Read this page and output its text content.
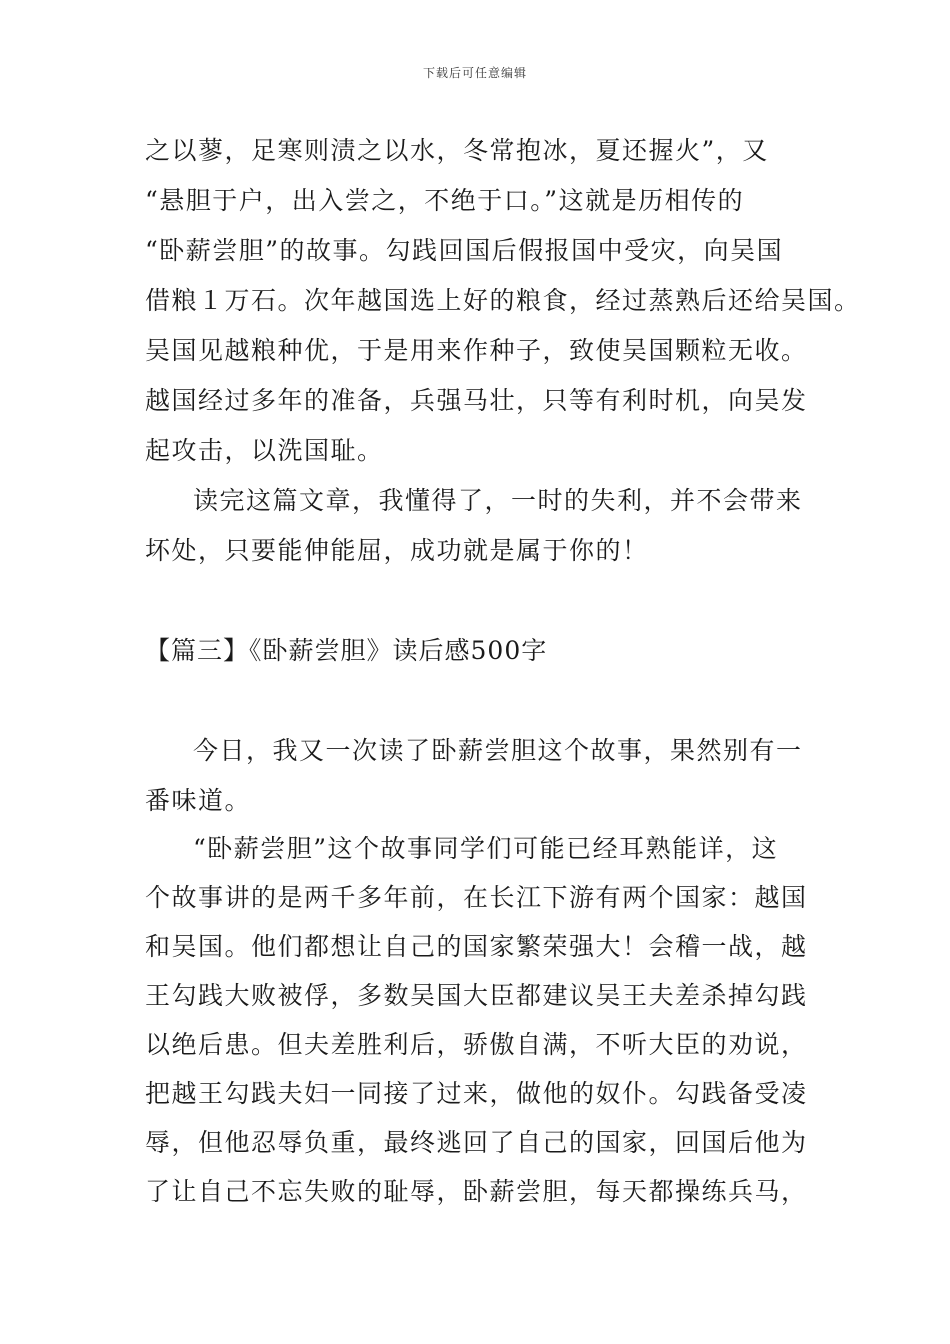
下载后可任意编辑
之以蓼，足寒则渍之以水，冬常抱冰，夏还握火”，又
“悬胆于户，出入尝之，不绝于口。”这就是历相传的
“卧薪尝胆”的故事。勾践回国后假报国中受灾，向吴国
借粮１万石。次年越国选上好的粮食，经过蒸熟后还给吴国。
吴国见越粮种优，于是用来作种子，致使吴国颗粒无收。
越国经过多年的准备，兵强马壮，只等有利时机，向吴发
起攻击，以洗国耻。
读完这篇文章，我懂得了，一时的失利，并不会带来
坏处，只要能伸能屈，成功就是属于你的！
【篇三】《卧薪尝胆》读后感500字
今日，我又一次读了卧薪尝胆这个故事，果然别有一
番味道。
“卧薪尝胆”这个故事同学们可能已经耳熟能详，这
个故事讲的是两千多年前，在长江下游有两个国家：越国
和吴国。他们都想让自己的国家繁荣强大！会稽一战，越
王勾践大败被俘，多数吴国大臣都建议吴王夫差杀掉勾践
以绝后患。但夫差胜利后，骄傲自满，不听大臣的劝说，
把越王勾践夫妇一同接了过来，做他的奴仆。勾践备受凌
辱，但他忍辱负重，最终逃回了自己的国家，回国后他为
了让自己不忘失败的耻辱，卧薪尝胆，每天都操练兵马，
